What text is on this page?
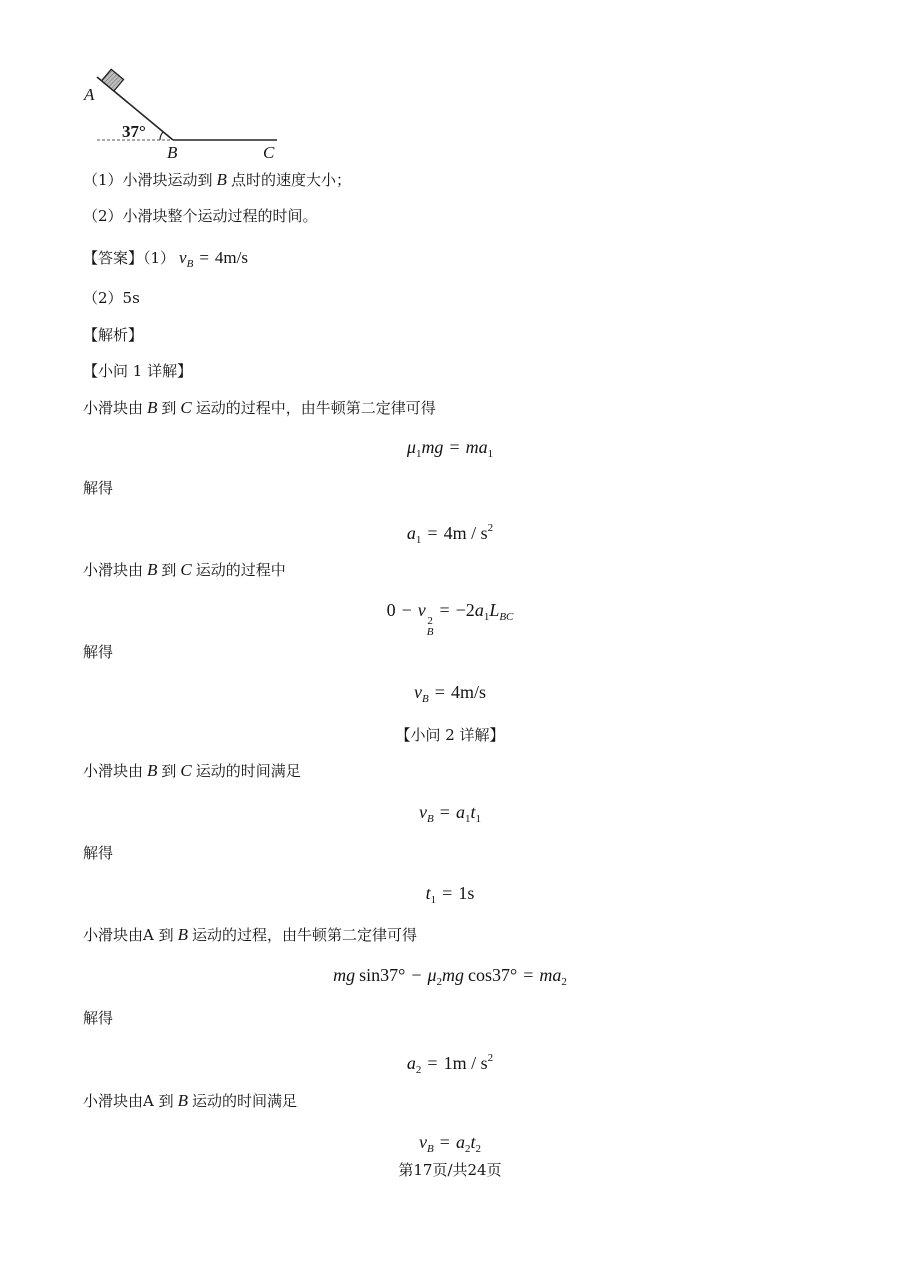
A
37°
B	C
（1）小滑块运动到 B 点时的速度大小；
（2）小滑块整个运动过程的时间。
【答案】（1） $v_B = 4m/s$
（2）5s
【解析】
【小问 1 详解】
小滑块由 B 到 C 运动的过程中，由牛顿第二定律可得
$\mu_1mg = ma_1$
解得
$a_1 = 4m / s^2$
小滑块由 B 到 C 运动的过程中
0 − v
2
B
= $-2a_1L_{BC}$
解得
$v_B = 4m/s$
【小问 2 详解】
小滑块由 B 到 C 运动的时间满足
$v_B = a_1t_1$
解得
$t_1 = 1s$
小滑块由A 到 B 运动的过程，由牛顿第二定律可得
mg $\sin 37^\circ - \mu_2mg$ $\cos 37^\circ = ma_2$
解得
$a_2 = 1m / s^2$
小滑块由A 到 B 运动的时间满足
$v_B = a_2t_2$
第17页/共24页
